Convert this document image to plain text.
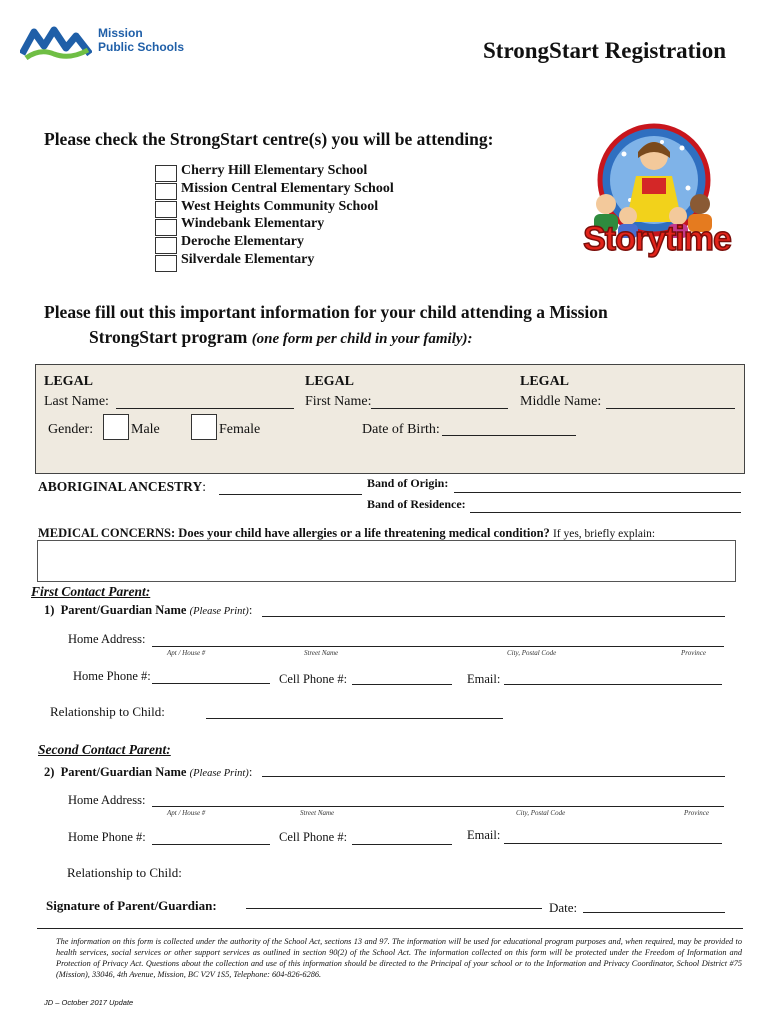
Mission
Public Schools	StrongStart Registration
Storytime
Please check the StrongStart centre(s) you will be attending:
Cherry Hill Elementary School
Mission Central Elementary School
West Heights Community School
Windebank Elementary
Deroche Elementary
Silverdale Elementary
Please fill out this important information for your child attending a Mission
StrongStart program (one form per child in your family):
LEGAL	LEGAL	LEGAL
Last Name:	First Name:	Middle Name:
Gender:	Male	Female	Date of Birth:
ABORIGINAL ANCESTRY:	Band of Origin:
Band of Residence:
MEDICAL CONCERNS: Does your child have allergies or a life threatening medical condition? If yes, briefly explain:
First Contact Parent:
1) Parent/Guardian Name (Please Print):
Home Address:
Apt / House #	Street Name	City, Postal Code	Province
Home Phone #:	Cell Phone #:	Email:
Relationship to Child:
Second Contact Parent:
2) Parent/Guardian Name (Please Print):
Home Address:
Apt / House #	Street Name	City, Postal Code	Province
Home Phone #:	Cell Phone #:	Email:
Relationship to Child:
Signature of Parent/Guardian:	Date:
The information on this form is collected under the authority of the School Act, sections 13 and 97. The information will be used for educational program purposes and, when required, may be provided to health services, social services or other support services as outlined in section 90(2) of the School Act. The information collected on this form will be protected under the Freedom of Information and Protection of Privacy Act. Questions about the collection and use of this information should be directed to the Principal of your school or to the Information and Privacy Coordinator, School District #75 (Mission), 33046, 4th Avenue, Mission, BC V2V 1S5, Telephone: 604-826-6286.
JD – October 2017 Update
